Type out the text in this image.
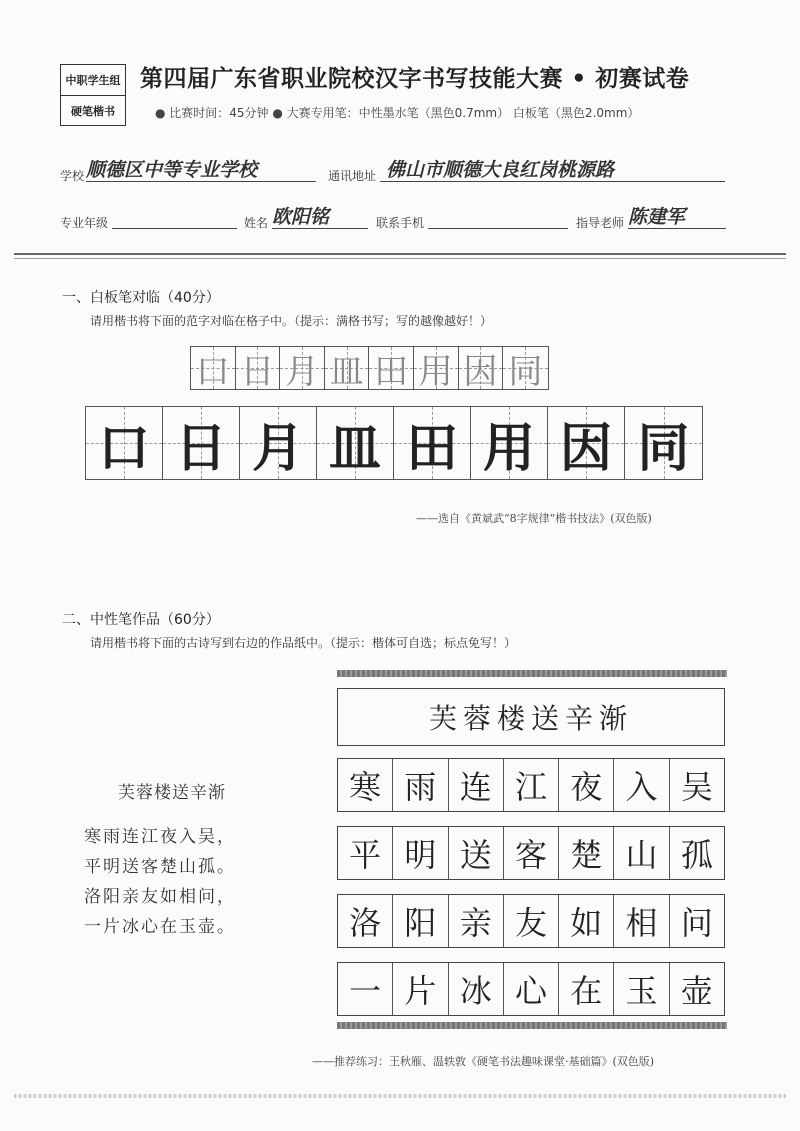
中职学生组
硬笔楷书
第四届广东省职业院校汉字书写技能大赛 • 初赛试卷
● 比赛时间：45分钟 ● 大赛专用笔：中性墨水笔（黑色0.7mm） 白板笔（黑色2.0mm）
学校 顺德区中等专业学校	通讯地址 佛山市顺德大良红岗桃源路
专业年级	姓名 欧阳铭	联系手机	指导老师 陈建军
一、白板笔对临（40分）
请用楷书将下面的范字对临在格子中。（提示：满格书写；写的越像越好！）
口 日 月 皿 田 用 因 同
口 日 月 皿 田 用 因 同
——选自《黄斌武“8字规律”楷书技法》(双色版)
二、中性笔作品（60分）
请用楷书将下面的古诗写到右边的作品纸中。（提示：楷体可自选；标点免写！）
芙蓉楼送辛渐
寒雨连江夜入吴，
平明送客楚山孤。
洛阳亲友如相问，
一片冰心在玉壶。
芙蓉楼送辛渐
寒 雨 连 江 夜 入 吴
平 明 送 客 楚 山 孤
洛 阳 亲 友 如 相 问
一 片 冰 心 在 玉 壶
——推荐练习：王秋雁、温轶敦《硬笔书法趣味课堂·基础篇》(双色版)
